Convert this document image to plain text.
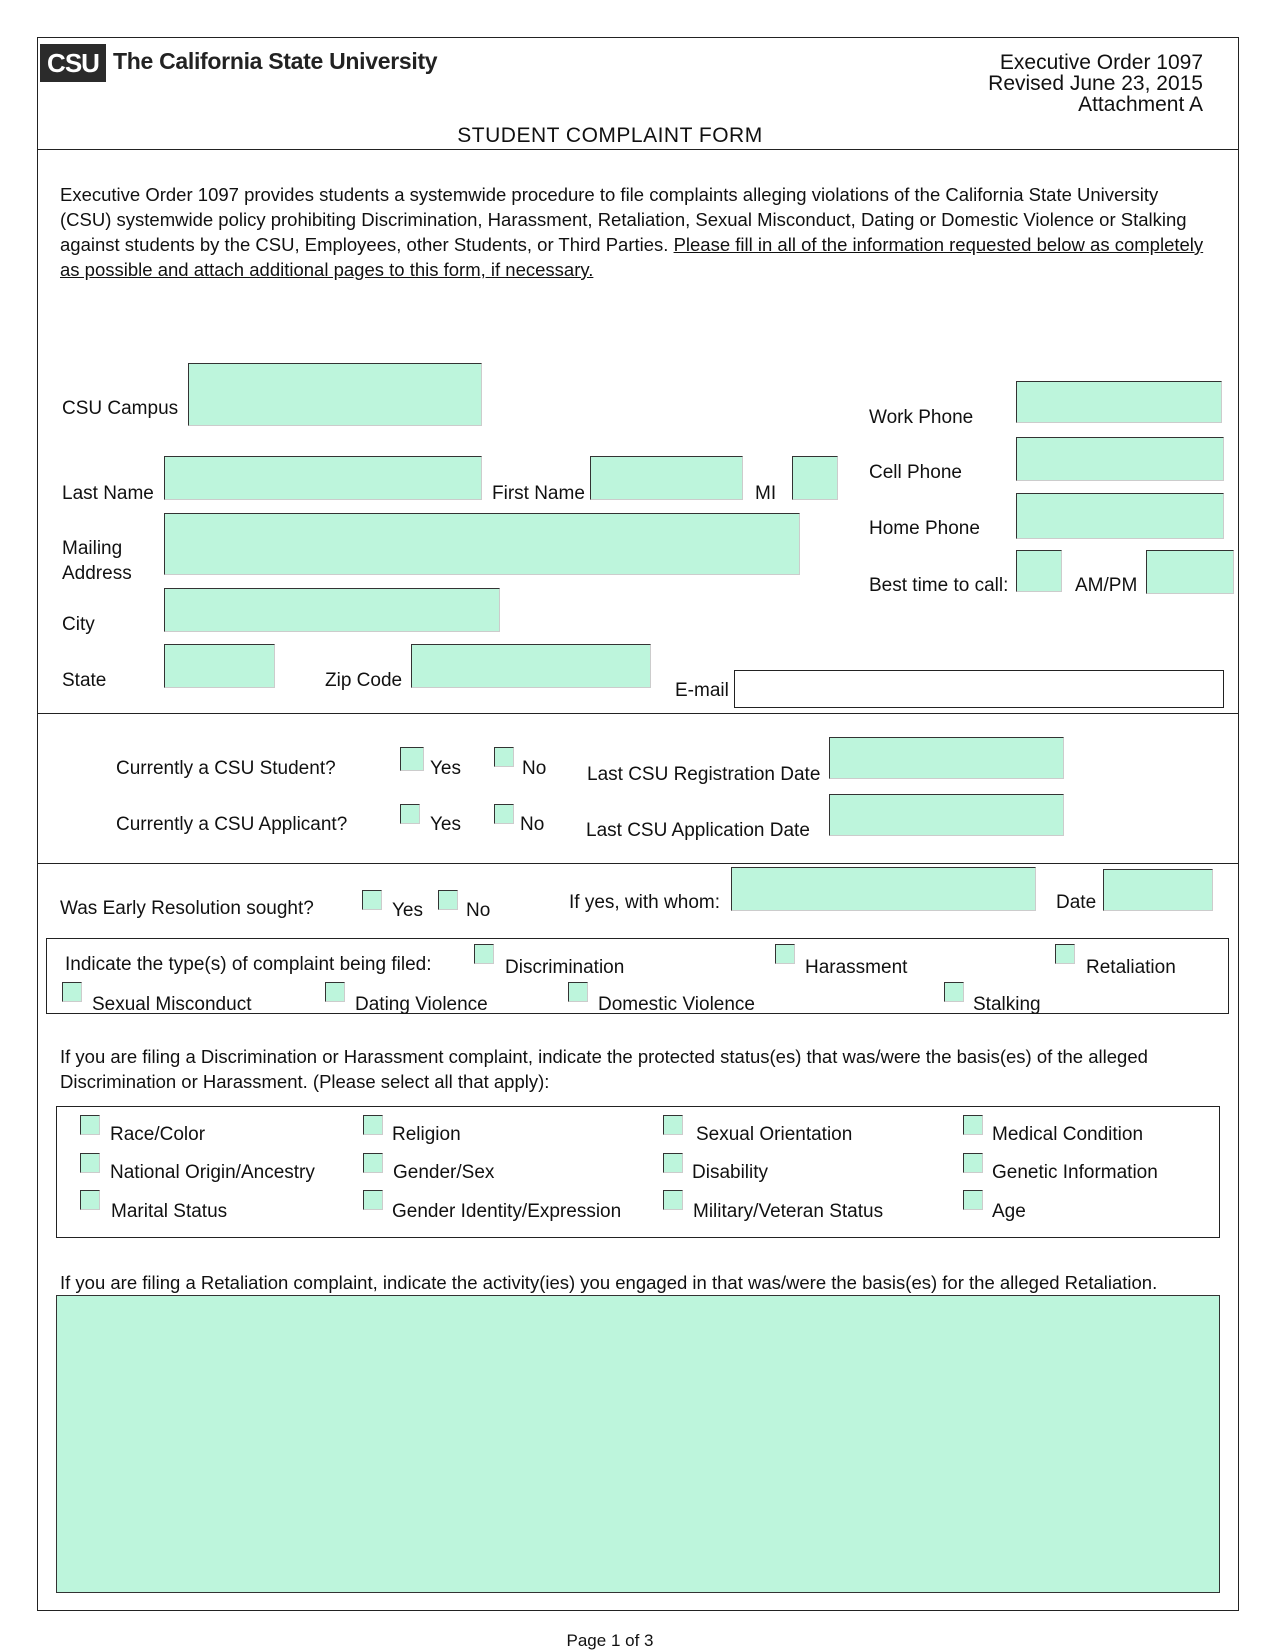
CSU The California State University	Executive Order 1097
Revised June 23, 2015
Attachment A
STUDENT COMPLAINT FORM
Executive Order 1097 provides students a systemwide procedure to file complaints alleging violations of the California State University (CSU) systemwide policy prohibiting Discrimination, Harassment, Retaliation, Sexual Misconduct, Dating or Domestic Violence or Stalking against students by the CSU, Employees, other Students, or Third Parties. Please fill in all of the information requested below as completely as possible and attach additional pages to this form, if necessary.
CSU Campus
Last Name	First Name	MI
Mailing Address
City
State	Zip Code	E-mail
Work Phone
Cell Phone
Home Phone
Best time to call:	AM/PM
Currently a CSU Student?	Yes	No Last CSU Registration Date
Currently a CSU Applicant?	Yes	No Last CSU Application Date
Was Early Resolution sought?	Yes No	If yes, with whom:	Date
Indicate the type(s) of complaint being filed:	Discrimination	Harassment	Retaliation
Sexual Misconduct	Dating Violence	Domestic Violence	Stalking
If you are filing a Discrimination or Harassment complaint, indicate the protected status(es) that was/were the basis(es) of the alleged Discrimination or Harassment. (Please select all that apply):
Race/Color	Religion	Sexual Orientation	Medical Condition
National Origin/Ancestry	Gender/Sex	Disability	Genetic Information
Marital Status	Gender Identity/Expression	Military/Veteran Status	Age
If you are filing a Retaliation complaint, indicate the activity(ies) you engaged in that was/were the basis(es) for the alleged Retaliation.
Page 1 of 3
